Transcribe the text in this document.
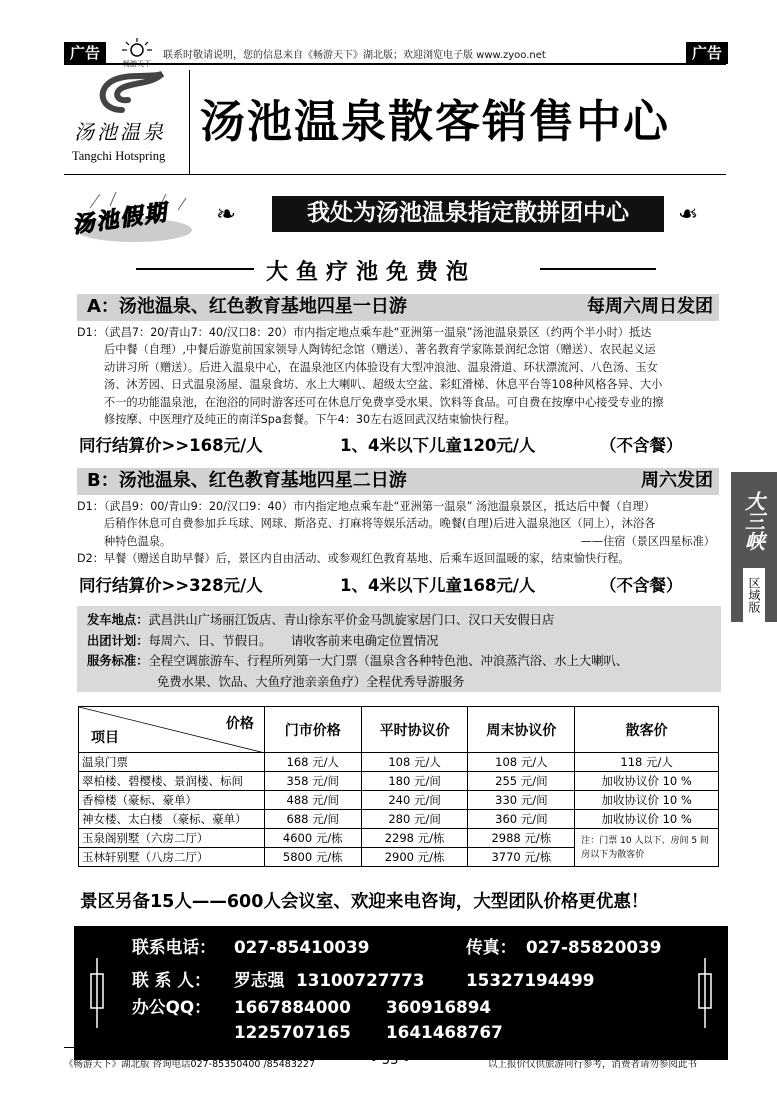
广告	联系时敬请说明，您的信息来自《畅游天下》湖北版；欢迎浏览电子版 www.zyoo.net	广告
汤池温泉
Tangchi Hotspring
汤池温泉散客销售中心
汤池假期 ❧	我处为汤池温泉指定散拼团中心	❧
大鱼疗池免费泡
A：汤池温泉、红色教育基地四星一日游	每周六周日发团
D1：（武昌7：20/青山7：40/汉口8：20）市内指定地点乘车赴“亚洲第一温泉”汤池温泉景区（约两个半小时）抵达
后中餐（自理）,中餐后游览前国家领导人陶铸纪念馆（赠送）、著名教育学家陈景润纪念馆（赠送）、农民起义运
动讲习所（赠送）。后进入温泉中心，在温泉池区内体验设有大型冲浪池、温泉滑道、环状漂流河、八色汤、玉女
汤、沐芳园、日式温泉汤屋、温泉食坊、水上大喇叭、超级太空盆、彩虹滑梯、休息平台等108种风格各异、大小
不一的功能温泉池，在泡浴的同时游客还可在休息厅免费享受水果、饮料等食品。可自费在按摩中心接受专业的擦
修按摩、中医理疗及纯正的南洋Spa套餐。下午4：30左右返回武汉结束愉快行程。
同行结算价>>168元/人	1、4米以下儿童120元/人	（不含餐）
B：汤池温泉、红色教育基地四星二日游	周六发团
D1：（武昌9：00/青山9：20/汉口9：40）市内指定地点乘车赴“亚洲第一温泉” 汤池温泉景区，抵达后中餐（自理）
后稍作休息可自费参加乒乓球、网球、斯洛克、打麻将等娱乐活动。晚餐(自理)后进入温泉池区（同上），沐浴各
种特色温泉。	——住宿（景区四星标准）
D2：早餐（赠送自助早餐）后，景区内自由活动、或参观红色教育基地、后乘车返回温暖的家，结束愉快行程。
同行结算价>>328元/人	1、4米以下儿童168元/人	（不含餐）
发车地点：武昌洪山广场丽江饭店、青山徐东平价金马凯旋家居门口、汉口天安假日店
出团计划：每周六、日、节假日。     请收客前来电确定位置情况
服务标准：全程空调旅游车、行程所列第一大门票（温泉含各种特色池、冲浪蒸汽浴、水上大喇叭、
免费水果、饮品、大鱼疗池亲亲鱼疗）全程优秀导游服务
价格
项目	门市价格	平时协议价	周末协议价	散客价
温泉门票	168 元/人	108 元/人	108 元/人	118 元/人
翠柏楼、碧樱楼、景润楼、标间	358 元/间	180 元/间	255 元/间	加收协议价 10 %
香樟楼（豪标、豪单）	488 元/间	240 元/间	330 元/间	加收协议价 10 %
神女楼、太白楼 （豪标、豪单）	688 元/间	280 元/间	360 元/间	加收协议价 10 %
玉泉阁别墅（六房二厅）	4600 元/栋	2298 元/栋	2988 元/栋	注：门票 10 人以下、房间 5 间房以下为散客价
玉林轩别墅（八房二厅）	5800 元/栋	2900 元/栋	3770 元/栋	
景区另备15人——600人会议室、欢迎来电咨询，大型团队价格更优惠！
联系电话： 027-85410039	传真： 027-85820039
联 系 人： 罗志强  13100727773 15327194499
办公QQ： 1667884000 360916894
1225707165 1641468767
大三峡
区域版
《畅游天下》湖北版 咨询电话027-85350400 /85483227	• 53 •	以上报价仅供旅游同行参考，消费者请勿参阅此书
